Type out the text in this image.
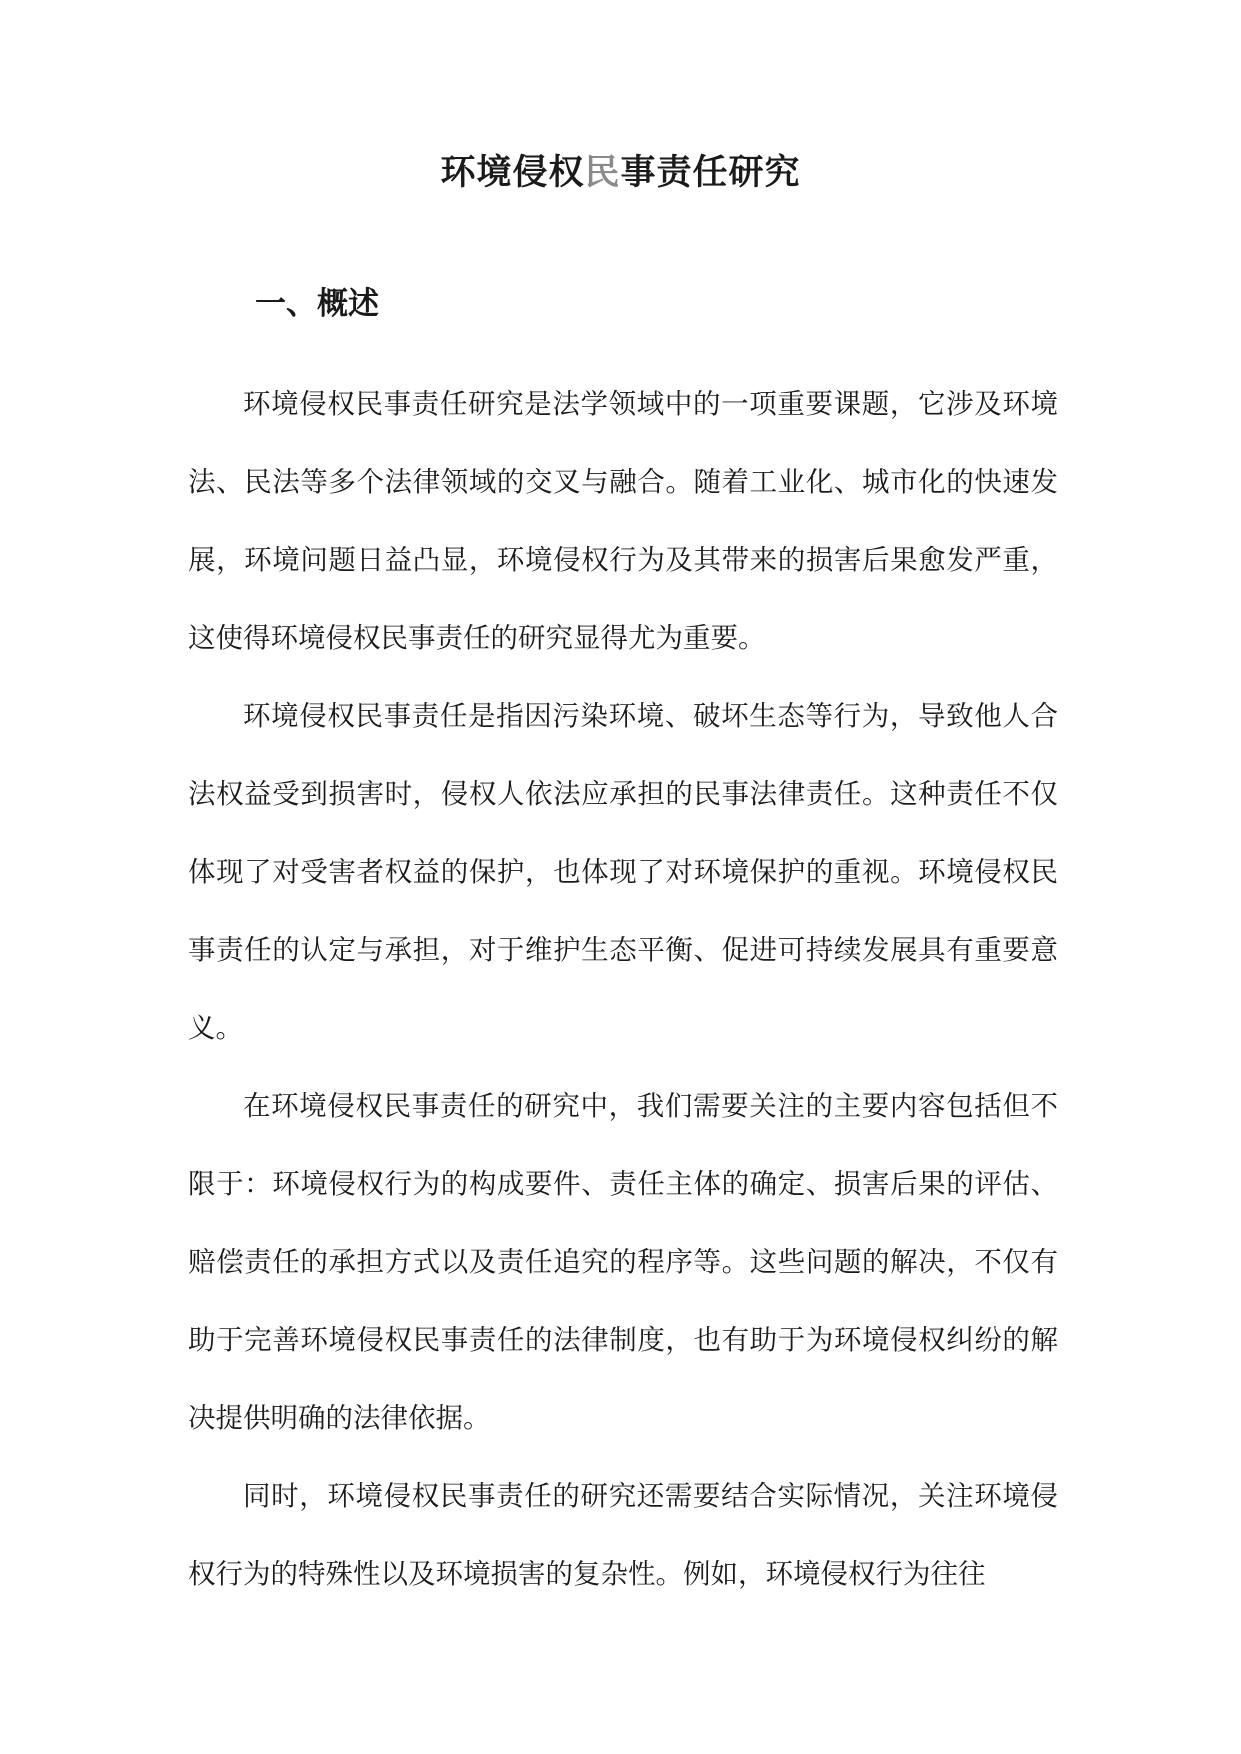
环境侵权民事责任研究
一、概述

环境侵权民事责任研究是法学领域中的一项重要课题，它涉及环境法、民法等多个法律领域的交叉与融合。随着工业化、城市化的快速发展，环境问题日益凸显，环境侵权行为及其带来的损害后果愈发严重，这使得环境侵权民事责任的研究显得尤为重要。

环境侵权民事责任是指因污染环境、破坏生态等行为，导致他人合法权益受到损害时，侵权人依法应承担的民事法律责任。这种责任不仅体现了对受害者权益的保护，也体现了对环境保护的重视。环境侵权民事责任的认定与承担，对于维护生态平衡、促进可持续发展具有重要意义。

在环境侵权民事责任的研究中，我们需要关注的主要内容包括但不限于：环境侵权行为的构成要件、责任主体的确定、损害后果的评估、赔偿责任的承担方式以及责任追究的程序等。这些问题的解决，不仅有助于完善环境侵权民事责任的法律制度，也有助于为环境侵权纠纷的解决提供明确的法律依据。

同时，环境侵权民事责任的研究还需要结合实际情况，关注环境侵权行为的特殊性以及环境损害的复杂性。例如，环境侵权行为往往
